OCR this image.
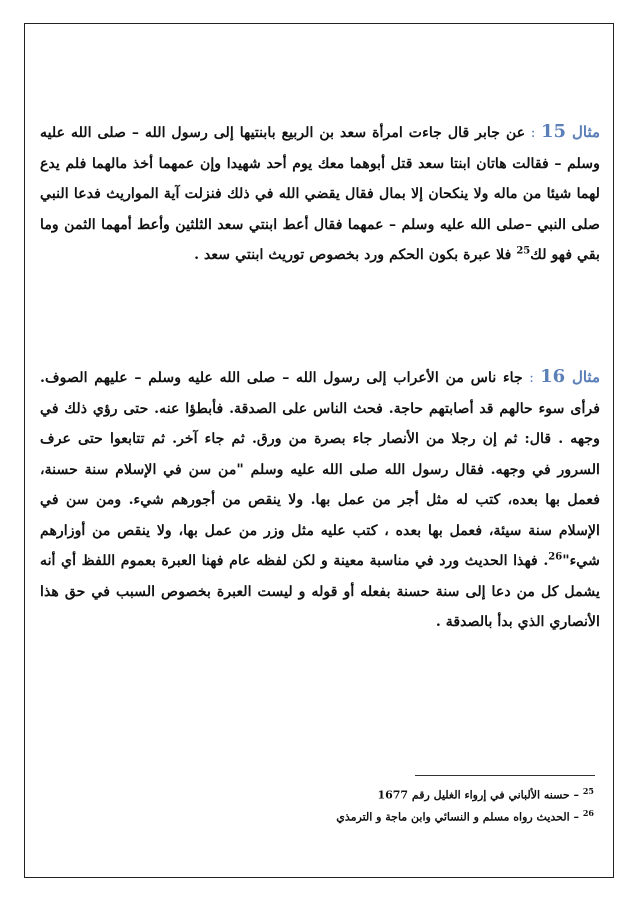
مثال 15 : عن جابر قال جاءت امرأة سعد بن الربيع بابنتيها إلى رسول الله – صلى الله عليه وسلم – فقالت هاتان ابنتا سعد قتل أبوهما معك يوم أحد شهيدا وإن عمهما أخذ مالهما فلم يدع لهما شيئا من ماله ولا ينكحان إلا بمال فقال يقضي الله في ذلك فنزلت آية المواريث فدعا النبي صلى النبي –صلى الله عليه وسلم – عمهما فقال أعط ابنتي سعد الثلثين وأعط أمهما الثمن وما بقي فهو لك$^{25}$ فلا عبرة بكون الحكم ورد بخصوص توريث ابنتي سعد .
مثال 16 : جاء ناس من الأعراب إلى رسول الله – صلى الله عليه وسلم – عليهم الصوف. فرأى سوء حالهم قد أصابتهم حاجة. فحث الناس على الصدقة. فأبطؤا عنه. حتى رؤي ذلك في وجهه . قال: ثم إن رجلا من الأنصار جاء بصرة من ورق. ثم جاء آخر. ثم تتابعوا حتى عرف السرور في وجهه. فقال رسول الله صلى الله عليه وسلم "من سن في الإسلام سنة حسنة، فعمل بها بعده، كتب له مثل أجر من عمل بها. ولا ينقص من أجورهم شيء. ومن سن في الإسلام سنة سيئة، فعمل بها بعده ، كتب عليه مثل وزر من عمل بها، ولا ينقص من أوزارهم شيء"$^{26}$. فهذا الحديث ورد في مناسبة معينة و لكن لفظه عام فهنا العبرة بعموم اللفظ أي أنه يشمل كل من دعا إلى سنة حسنة بفعله أو قوله و ليست العبرة بخصوص السبب في حق هذا الأنصاري الذي بدأ بالصدقة .
$^{25}$ – حسنه الألباني في إرواء الغليل رقم 1677
$^{26}$ – الحديث رواه مسلم و النسائي وابن ماجة و الترمذي
